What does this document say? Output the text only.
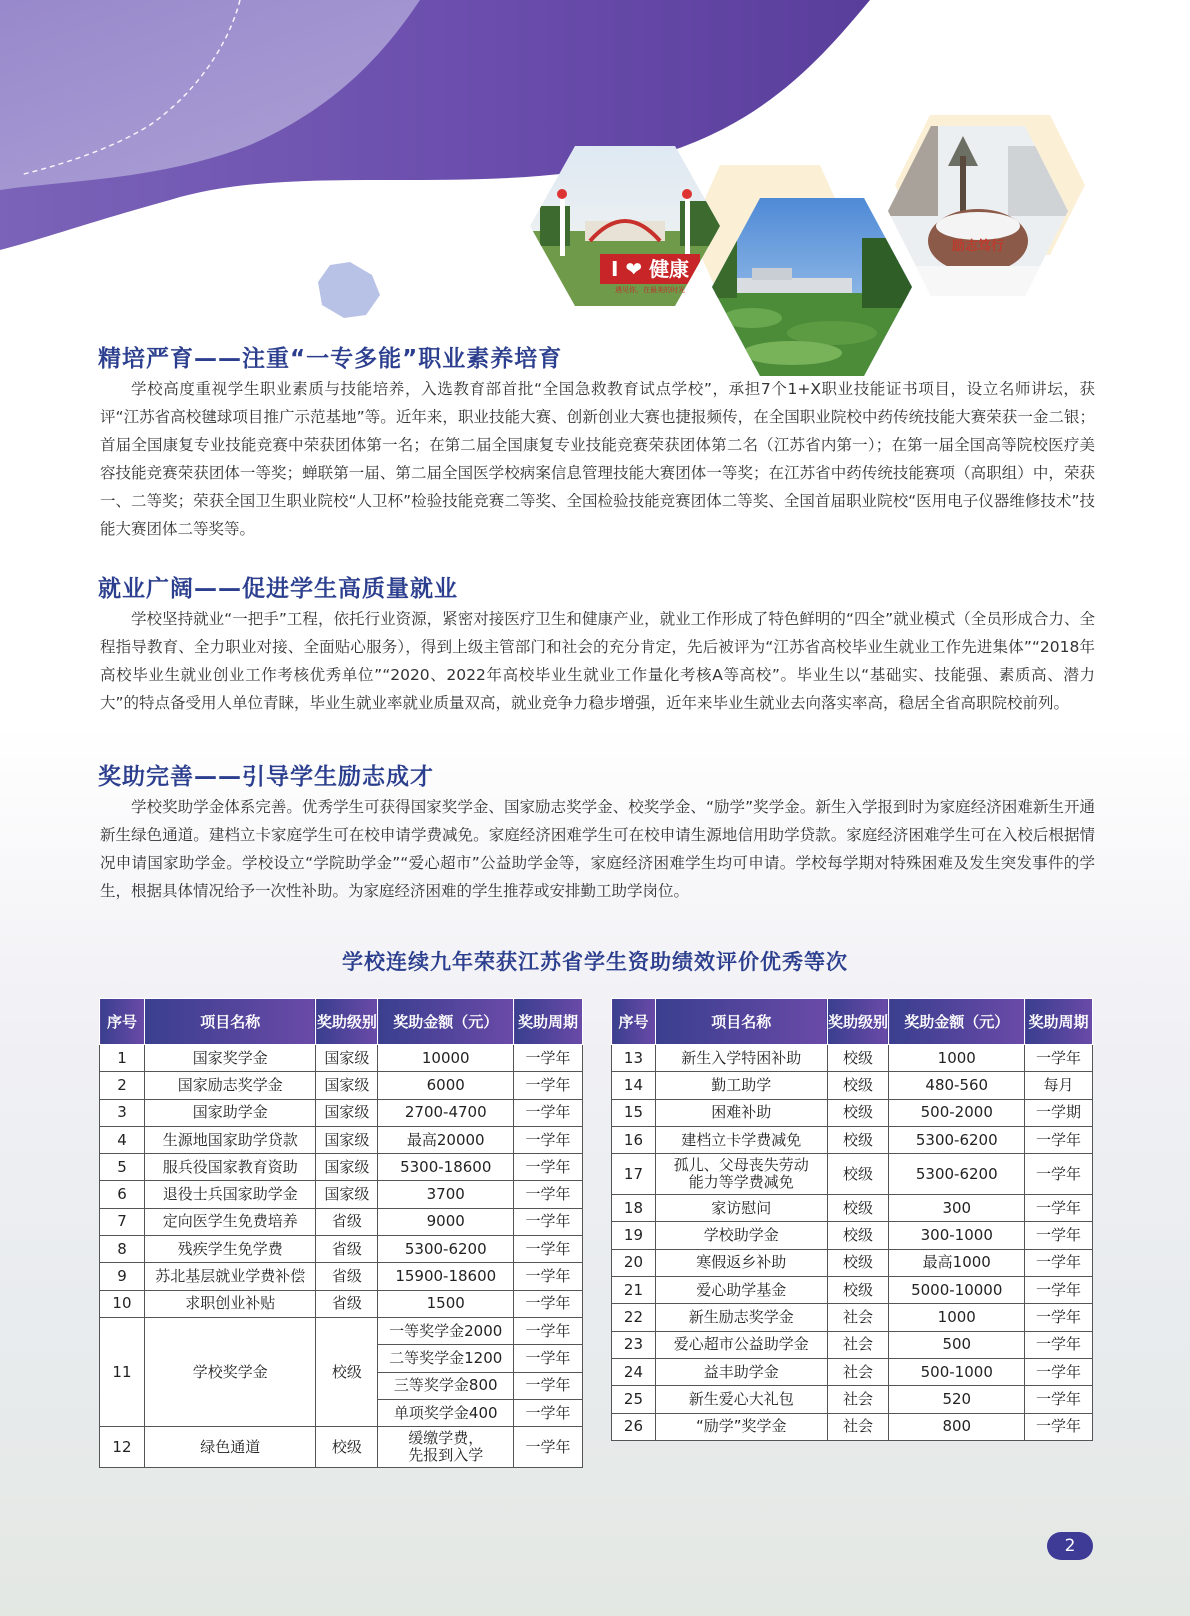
I ❤ 健康
遇见你，在最美的时光
励志笃行
精培严育——注重“一专多能”职业素养培育

学校高度重视学生职业素质与技能培养，入选教育部首批“全国急救教育试点学校”，承担7个1+X职业技能证书项目，设立名师讲坛，获评“江苏省高校毽球项目推广示范基地”等。近年来，职业技能大赛、创新创业大赛也捷报频传，在全国职业院校中药传统技能大赛荣获一金二银；首届全国康复专业技能竞赛中荣获团体第一名；在第二届全国康复专业技能竞赛荣获团体第二名（江苏省内第一）；在第一届全国高等院校医疗美容技能竞赛荣获团体一等奖；蝉联第一届、第二届全国医学校病案信息管理技能大赛团体一等奖；在江苏省中药传统技能赛项（高职组）中，荣获一、二等奖；荣获全国卫生职业院校“人卫杯”检验技能竞赛二等奖、全国检验技能竞赛团体二等奖、全国首届职业院校“医用电子仪器维修技术”技能大赛团体二等奖等。

就业广阔——促进学生高质量就业

学校坚持就业“一把手”工程，依托行业资源，紧密对接医疗卫生和健康产业，就业工作形成了特色鲜明的“四全”就业模式（全员形成合力、全程指导教育、全力职业对接、全面贴心服务），得到上级主管部门和社会的充分肯定，先后被评为“江苏省高校毕业生就业工作先进集体”“2018年高校毕业生就业创业工作考核优秀单位”“2020、2022年高校毕业生就业工作量化考核A等高校”。毕业生以“基础实、技能强、素质高、潜力大”的特点备受用人单位青睐，毕业生就业率就业质量双高，就业竞争力稳步增强，近年来毕业生就业去向落实率高，稳居全省高职院校前列。

奖助完善——引导学生励志成才

学校奖助学金体系完善。优秀学生可获得国家奖学金、国家励志奖学金、校奖学金、“励学”奖学金。新生入学报到时为家庭经济困难新生开通新生绿色通道。建档立卡家庭学生可在校申请学费减免。家庭经济困难学生可在校申请生源地信用助学贷款。家庭经济困难学生可在入校后根据情况申请国家助学金。学校设立“学院助学金”“爱心超市”公益助学金等，家庭经济困难学生均可申请。学校每学期对特殊困难及发生突发事件的学生，根据具体情况给予一次性补助。为家庭经济困难的学生推荐或安排勤工助学岗位。

学校连续九年荣获江苏省学生资助绩效评价优秀等次
序号	项目名称	奖助级别	奖助金额（元）	奖助周期
1	国家奖学金	国家级	10000	一学年
2	国家励志奖学金	国家级	6000	一学年
3	国家助学金	国家级	2700-4700	一学年
4	生源地国家助学贷款	国家级	最高20000	一学年
5	服兵役国家教育资助	国家级	5300-18600	一学年
6	退役士兵国家助学金	国家级	3700	一学年
7	定向医学生免费培养	省级	9000	一学年
8	残疾学生免学费	省级	5300-6200	一学年
9	苏北基层就业学费补偿	省级	15900-18600	一学年
10	求职创业补贴	省级	1500	一学年
11	学校奖学金	校级	一等奖学金2000	一学年
			二等奖学金1200	一学年
			三等奖学金800	一学年
			单项奖学金400	一学年
12	绿色通道	校级	缓缴学费，
先报到入学	一学年
序号	项目名称	奖助级别	奖助金额（元）	奖助周期
13	新生入学特困补助	校级	1000	一学年
14	勤工助学	校级	480-560	每月
15	困难补助	校级	500-2000	一学期
16	建档立卡学费减免	校级	5300-6200	一学年
17	孤儿、父母丧失劳动
能力等学费减免	校级	5300-6200	一学年
18	家访慰问	校级	300	一学年
19	学校助学金	校级	300-1000	一学年
20	寒假返乡补助	校级	最高1000	一学年
21	爱心助学基金	校级	5000-10000	一学年
22	新生励志奖学金	社会	1000	一学年
23	爱心超市公益助学金	社会	500	一学年
24	益丰助学金	社会	500-1000	一学年
25	新生爱心大礼包	社会	520	一学年
26	“励学”奖学金	社会	800	一学年
2
